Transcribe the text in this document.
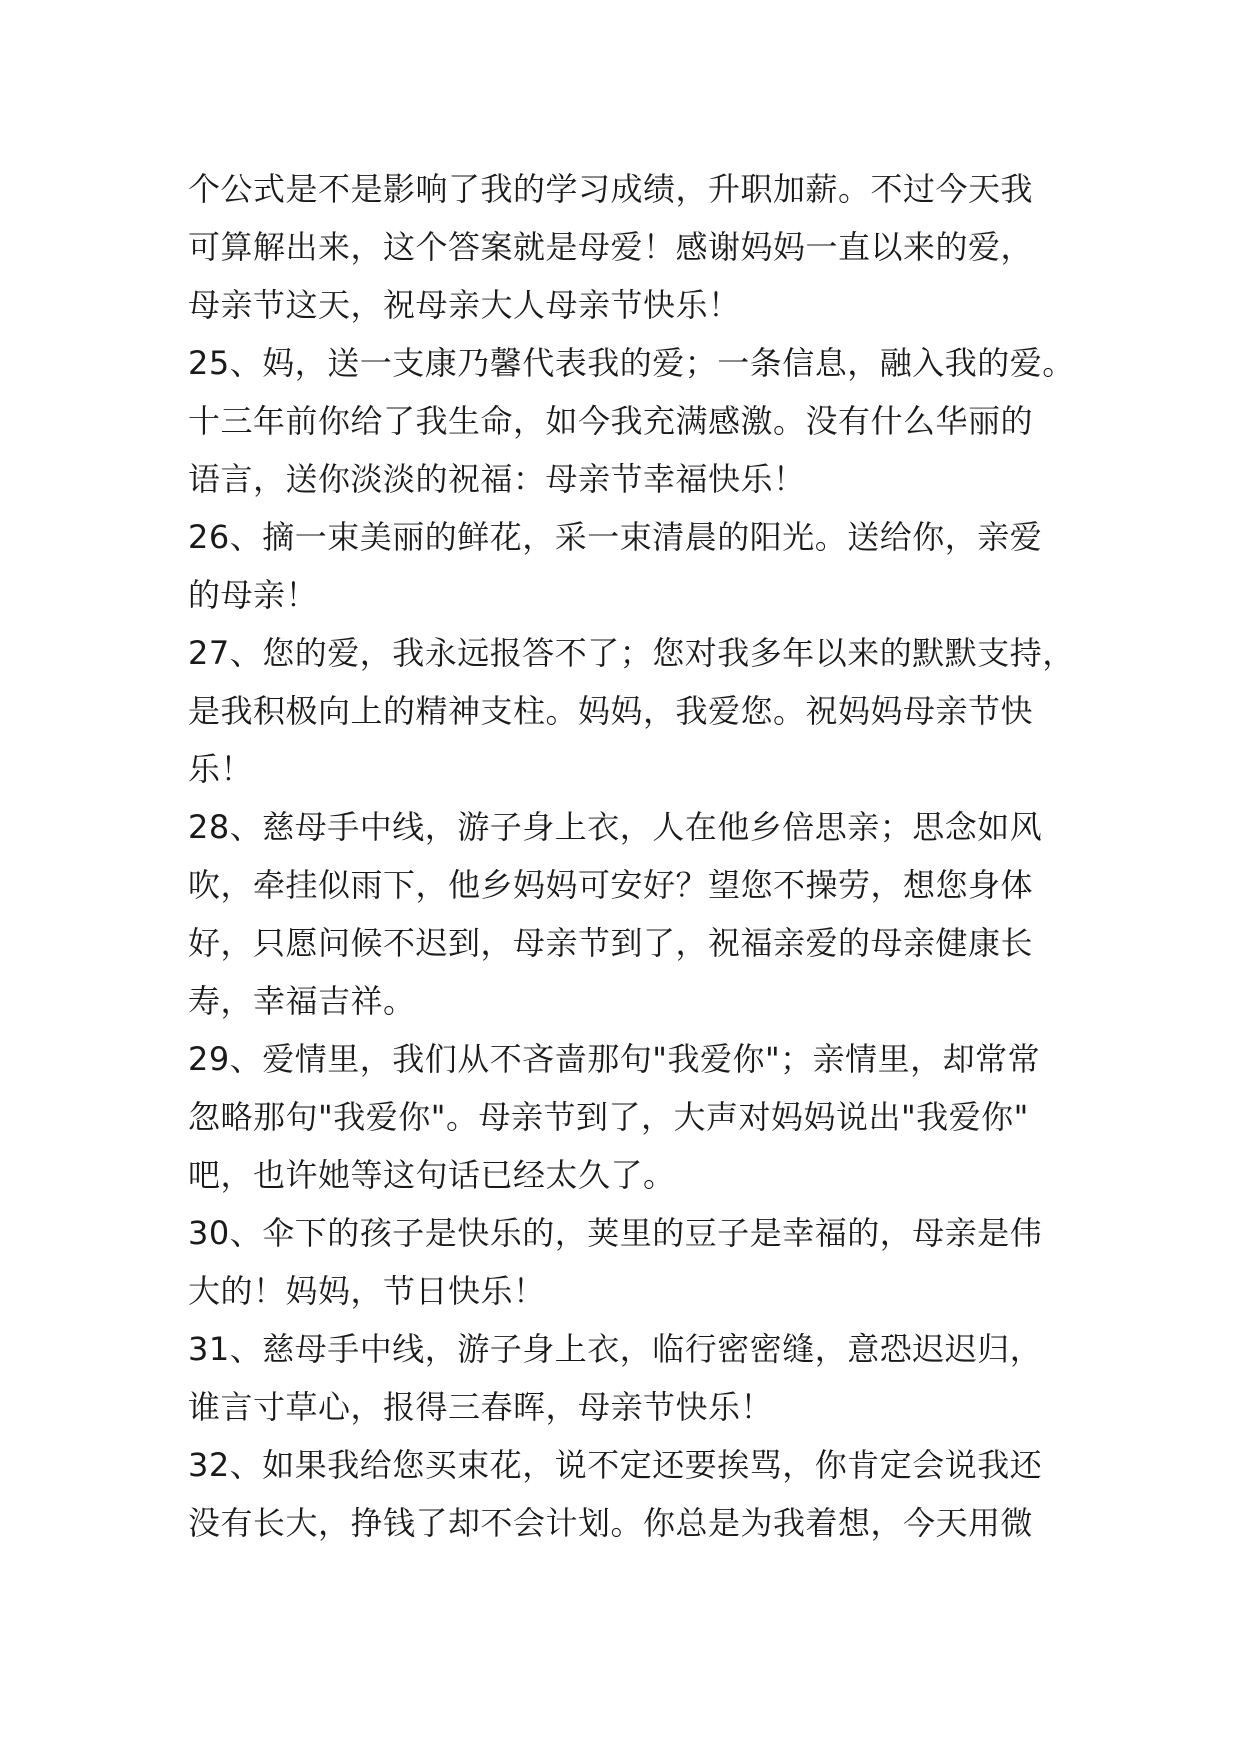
个公式是不是影响了我的学习成绩，升职加薪。不过今天我
可算解出来，这个答案就是母爱！感谢妈妈一直以来的爱，
母亲节这天，祝母亲大人母亲节快乐！
25、妈，送一支康乃馨代表我的爱；一条信息，融入我的爱。
十三年前你给了我生命，如今我充满感激。没有什么华丽的
语言，送你淡淡的祝福：母亲节幸福快乐！
26、摘一束美丽的鲜花，采一束清晨的阳光。送给你，亲爱
的母亲！
27、您的爱，我永远报答不了；您对我多年以来的默默支持，
是我积极向上的精神支柱。妈妈，我爱您。祝妈妈母亲节快
乐！
28、慈母手中线，游子身上衣，人在他乡倍思亲；思念如风
吹，牵挂似雨下，他乡妈妈可安好？望您不操劳，想您身体
好，只愿问候不迟到，母亲节到了，祝福亲爱的母亲健康长
寿，幸福吉祥。
29、爱情里，我们从不吝啬那句"我爱你"；亲情里，却常常
忽略那句"我爱你"。母亲节到了，大声对妈妈说出"我爱你"
吧，也许她等这句话已经太久了。
30、伞下的孩子是快乐的，荚里的豆子是幸福的，母亲是伟
大的！妈妈，节日快乐！
31、慈母手中线，游子身上衣，临行密密缝，意恐迟迟归，
谁言寸草心，报得三春晖，母亲节快乐！
32、如果我给您买束花，说不定还要挨骂，你肯定会说我还
没有长大，挣钱了却不会计划。你总是为我着想，今天用微
